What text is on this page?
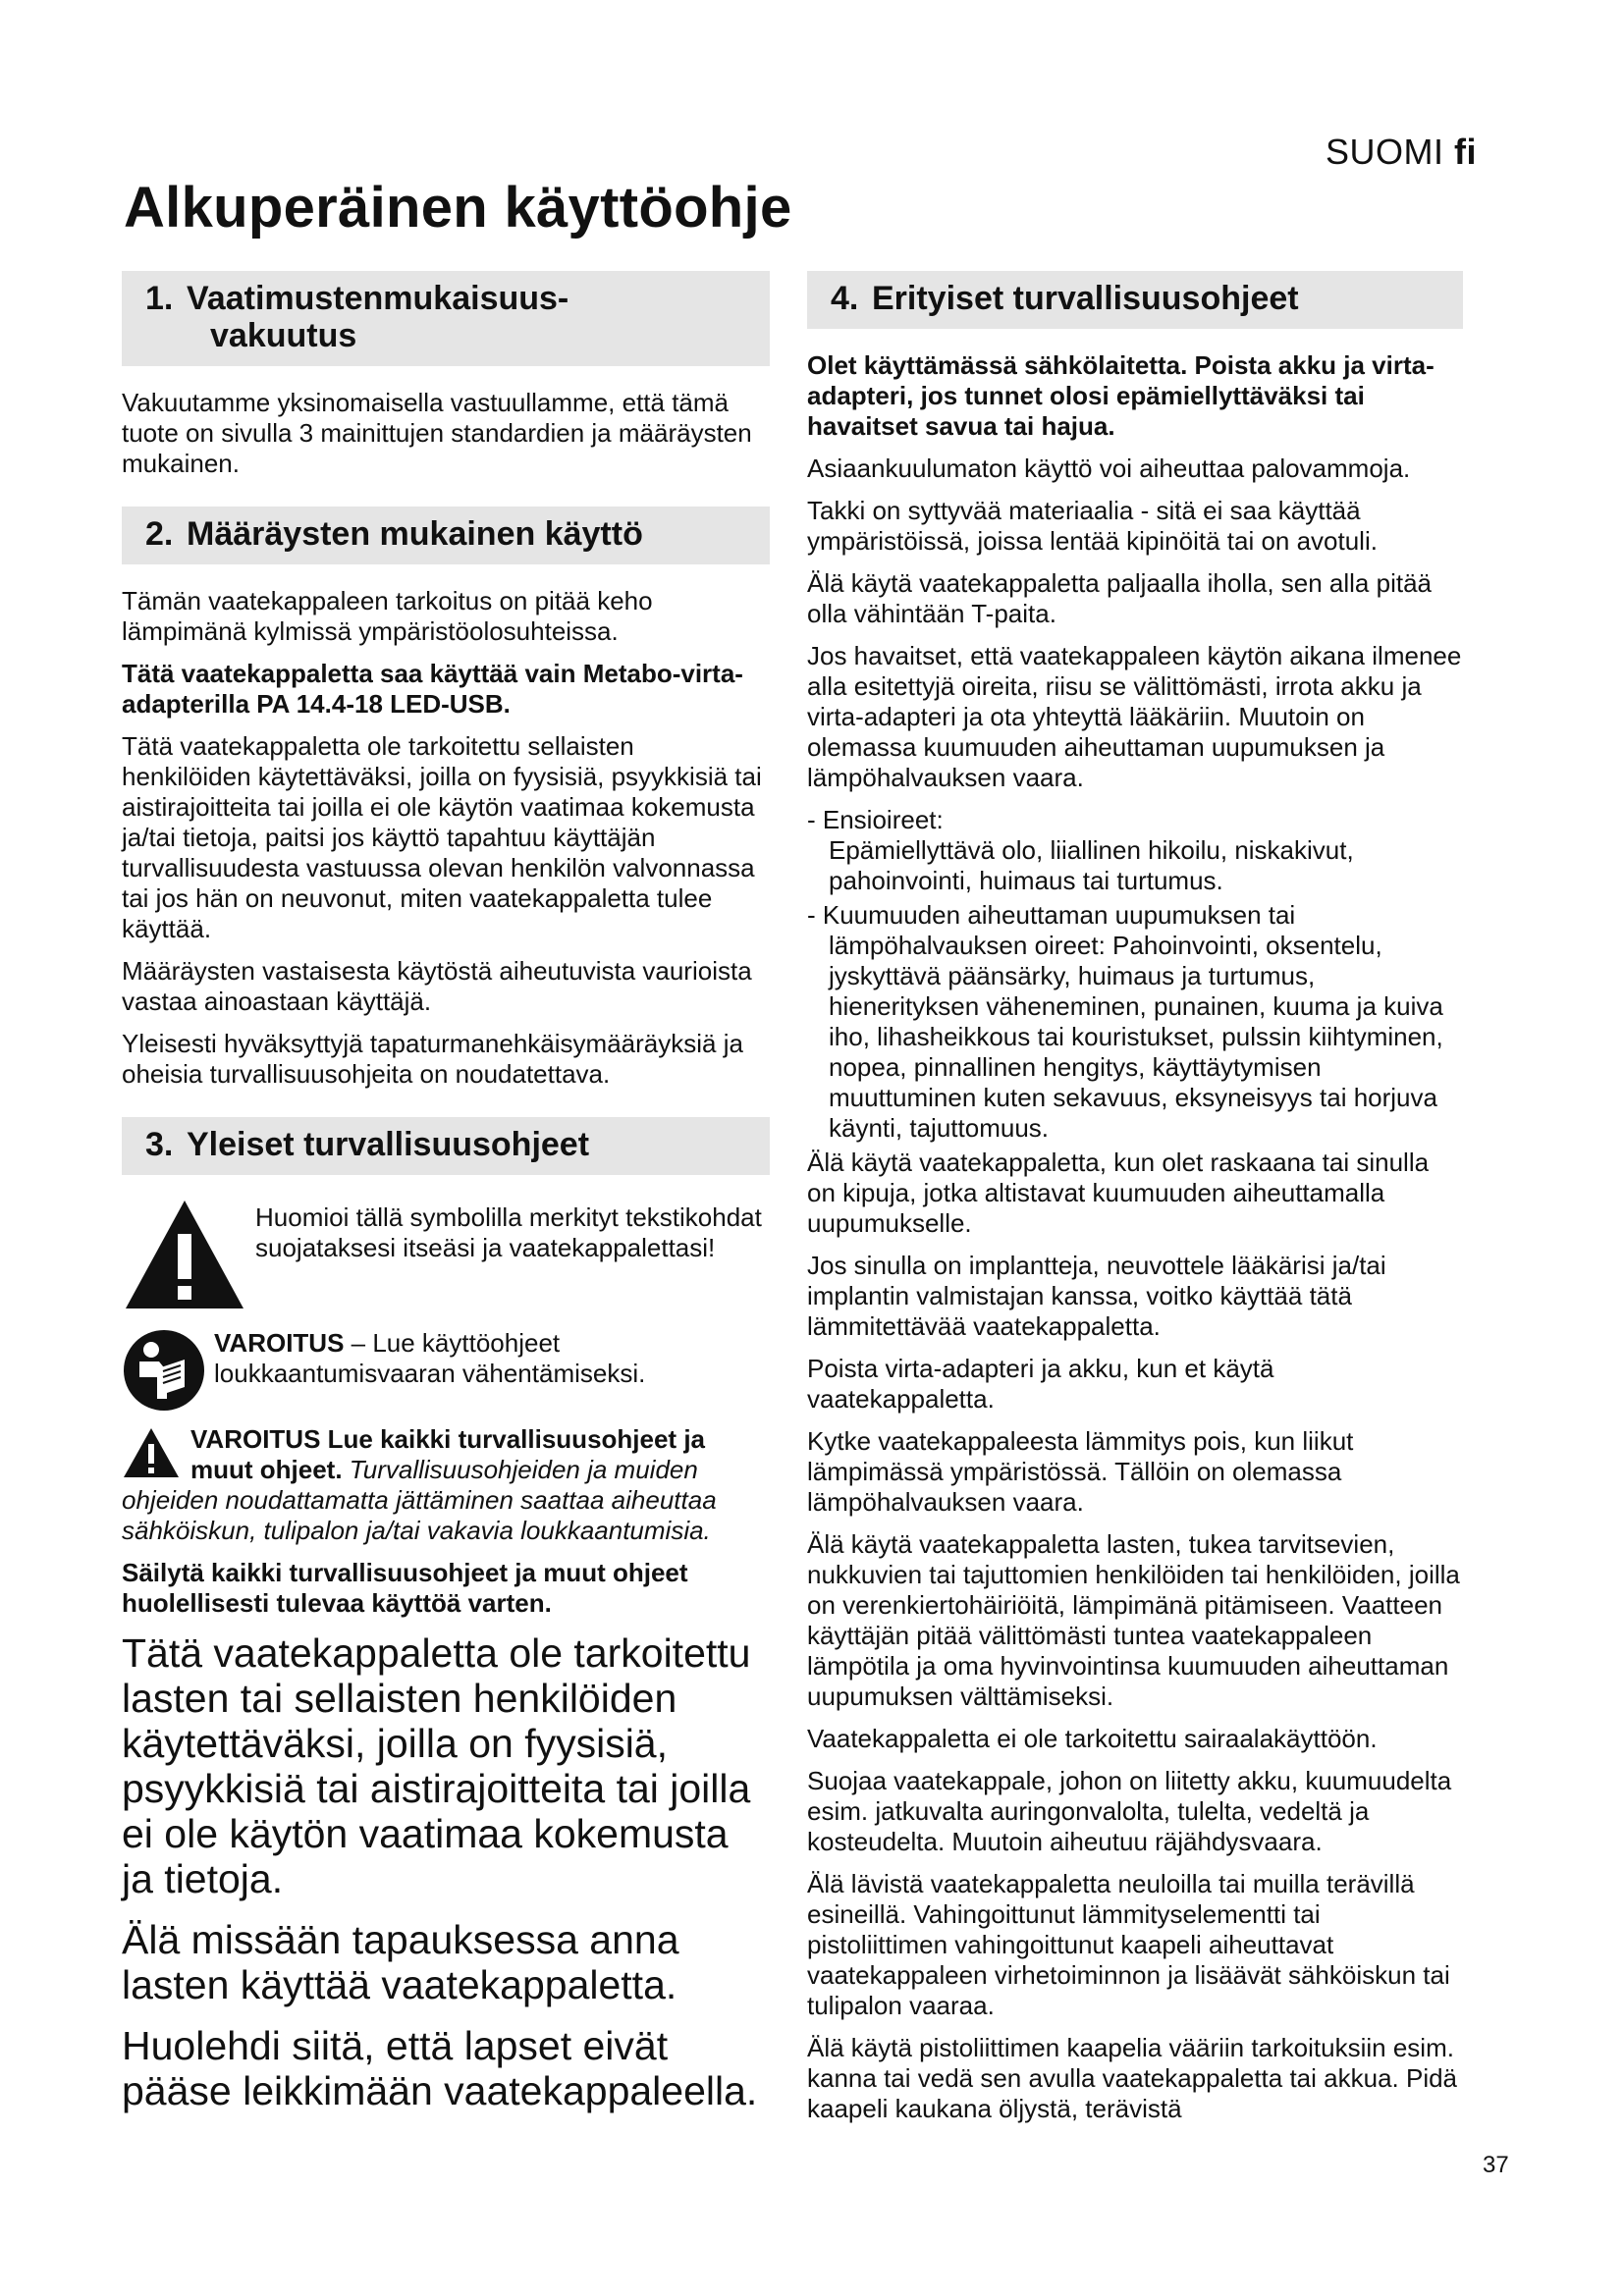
SUOMI fi
Alkuperäinen käyttöohje
1. Vaatimustenmukaisuus-
vakuutus

Vakuutamme yksinomaisella vastuullamme, että tämä tuote on sivulla 3 mainittujen standardien ja määräysten mukainen.

2. Määräysten mukainen käyttö

Tämän vaatekappaleen tarkoitus on pitää keho lämpimänä kylmissä ympäristöolosuhteissa.

Tätä vaatekappaletta saa käyttää vain Metabo-virta-adapterilla PA 14.4-18 LED-USB.

Tätä vaatekappaletta ole tarkoitettu sellaisten henkilöiden käytettäväksi, joilla on fyysisiä, psyykkisiä tai aistirajoitteita tai joilla ei ole käytön vaatimaa kokemusta ja/tai tietoja, paitsi jos käyttö tapahtuu käyttäjän turvallisuudesta vastuussa olevan henkilön valvonnassa tai jos hän on neuvonut, miten vaatekappaletta tulee käyttää.

Määräysten vastaisesta käytöstä aiheutuvista vaurioista vastaa ainoastaan käyttäjä.

Yleisesti hyväksyttyjä tapaturmanehkäisymääräyksiä ja oheisia turvallisuusohjeita on noudatettava.

3. Yleiset turvallisuusohjeet
Huomioi tällä symbolilla merkityt tekstikohdat suojataksesi itseäsi ja vaatekappalettasi!
VAROITUS – Lue käyttöohjeet loukkaantumisvaaran vähentämiseksi.

VAROITUS Lue kaikki turvallisuusohjeet ja muut ohjeet. Turvallisuusohjeiden ja muiden ohjeiden noudattamatta jättäminen saattaa aiheuttaa sähköiskun, tulipalon ja/tai vakavia loukkaantumisia.

Säilytä kaikki turvallisuusohjeet ja muut ohjeet huolellisesti tulevaa käyttöä varten.

Tätä vaatekappaletta ole tarkoitettu lasten tai sellaisten henkilöiden käytettäväksi, joilla on fyysisiä, psyykkisiä tai aistirajoitteita tai joilla ei ole käytön vaatimaa kokemusta ja tietoja.

Älä missään tapauksessa anna lasten käyttää vaatekappaletta.

Huolehdi siitä, että lapset eivät pääse leikkimään vaatekappaleella.

4. Erityiset turvallisuusohjeet

Olet käyttämässä sähkölaitetta. Poista akku ja virta-adapteri, jos tunnet olosi epämiellyttäväksi tai havaitset savua tai hajua.

Asiaankuulumaton käyttö voi aiheuttaa palovammoja.

Takki on syttyvää materiaalia - sitä ei saa käyttää ympäristöissä, joissa lentää kipinöitä tai on avotuli.

Älä käytä vaatekappaletta paljaalla iholla, sen alla pitää olla vähintään T-paita.

Jos havaitset, että vaatekappaleen käytön aikana ilmenee alla esitettyjä oireita, riisu se välittömästi, irrota akku ja virta-adapteri ja ota yhteyttä lääkäriin. Muutoin on olemassa kuumuuden aiheuttaman uupumuksen ja lämpöhalvauksen vaara.

- Ensioireet:
Epämiellyttävä olo, liiallinen hikoilu, niskakivut, pahoinvointi, huimaus tai turtumus.
- Kuumuuden aiheuttaman uupumuksen tai
lämpöhalvauksen oireet: Pahoinvointi, oksentelu, jyskyttävä päänsärky, huimaus ja turtumus, hienerityksen väheneminen, punainen, kuuma ja kuiva iho, lihasheikkous tai kouristukset, pulssin kiihtyminen, nopea, pinnallinen hengitys, käyttäytymisen muuttuminen kuten sekavuus, eksyneisyys tai horjuva käynti, tajuttomuus.

Älä käytä vaatekappaletta, kun olet raskaana tai sinulla on kipuja, jotka altistavat kuumuuden aiheuttamalla uupumukselle.

Jos sinulla on implantteja, neuvottele lääkärisi ja/tai implantin valmistajan kanssa, voitko käyttää tätä lämmitettävää vaatekappaletta.

Poista virta-adapteri ja akku, kun et käytä vaatekappaletta.

Kytke vaatekappaleesta lämmitys pois, kun liikut lämpimässä ympäristössä. Tällöin on olemassa lämpöhalvauksen vaara.

Älä käytä vaatekappaletta lasten, tukea tarvitsevien, nukkuvien tai tajuttomien henkilöiden tai henkilöiden, joilla on verenkiertohäiriöitä, lämpimänä pitämiseen. Vaatteen käyttäjän pitää välittömästi tuntea vaatekappaleen lämpötila ja oma hyvinvointinsa kuumuuden aiheuttaman uupumuksen välttämiseksi.

Vaatekappaletta ei ole tarkoitettu sairaalakäyttöön.

Suojaa vaatekappale, johon on liitetty akku, kuumuudelta esim. jatkuvalta auringonvalolta, tulelta, vedeltä ja kosteudelta. Muutoin aiheutuu räjähdysvaara.

Älä lävistä vaatekappaletta neuloilla tai muilla terävillä esineillä. Vahingoittunut lämmityselementti tai pistoliittimen vahingoittunut kaapeli aiheuttavat vaatekappaleen virhetoiminnon ja lisäävät sähköiskun tai tulipalon vaaraa.

Älä käytä pistoliittimen kaapelia vääriin tarkoituksiin esim. kanna tai vedä sen avulla vaatekappaletta tai akkua. Pidä kaapeli kaukana öljystä, terävistä

37
